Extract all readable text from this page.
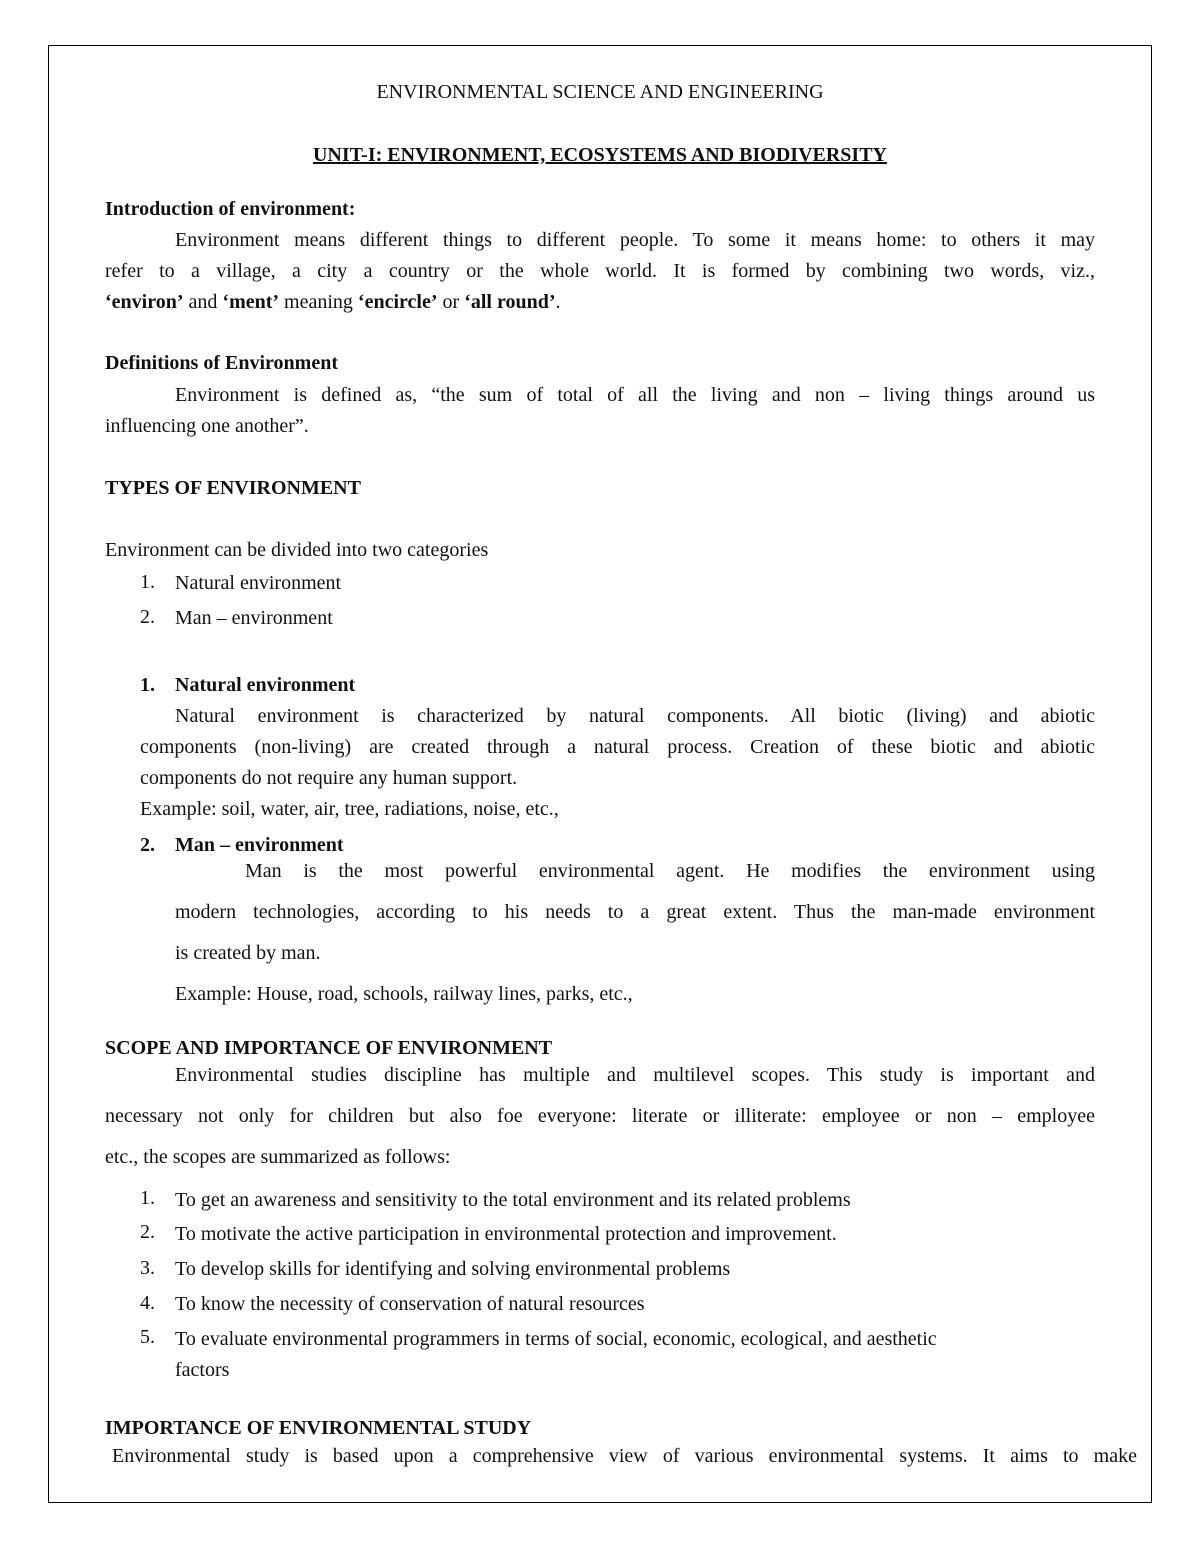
ENVIRONMENTAL SCIENCE AND ENGINEERING
UNIT-I: ENVIRONMENT, ECOSYSTEMS AND BIODIVERSITY
Introduction of environment:
Environment means different things to different people. To some it means home: to others it may
refer to a village, a city a country or the whole world. It is formed by combining two words, viz.,
‘environ’ and ‘ment’ meaning ‘encircle’ or ‘all round’.
Definitions of Environment
Environment is defined as, “the sum of total of all the living and non – living things around us
influencing one another”.
TYPES OF ENVIRONMENT
Environment can be divided into two categories
1. Natural environment
2. Man – environment
1. Natural environment
Natural environment is characterized by natural components. All biotic (living) and abiotic
components (non-living) are created through a natural process. Creation of these biotic and abiotic
components do not require any human support.
Example: soil, water, air, tree, radiations, noise, etc.,
2. Man – environment
Man is the most powerful environmental agent. He modifies the environment using
modern technologies, according to his needs to a great extent. Thus the man-made environment
is created by man.
Example: House, road, schools, railway lines, parks, etc.,
SCOPE AND IMPORTANCE OF ENVIRONMENT
Environmental studies discipline has multiple and multilevel scopes. This study is important and
necessary not only for children but also foe everyone: literate or illiterate: employee or non – employee
etc., the scopes are summarized as follows:
1. To get an awareness and sensitivity to the total environment and its related problems
2. To motivate the active participation in environmental protection and improvement.
3. To develop skills for identifying and solving environmental problems
4. To know the necessity of conservation of natural resources
5. To evaluate environmental programmers in terms of social, economic, ecological, and aesthetic
factors
IMPORTANCE OF ENVIRONMENTAL STUDY
Environmental study is based upon a comprehensive view of various environmental systems. It aims to make
